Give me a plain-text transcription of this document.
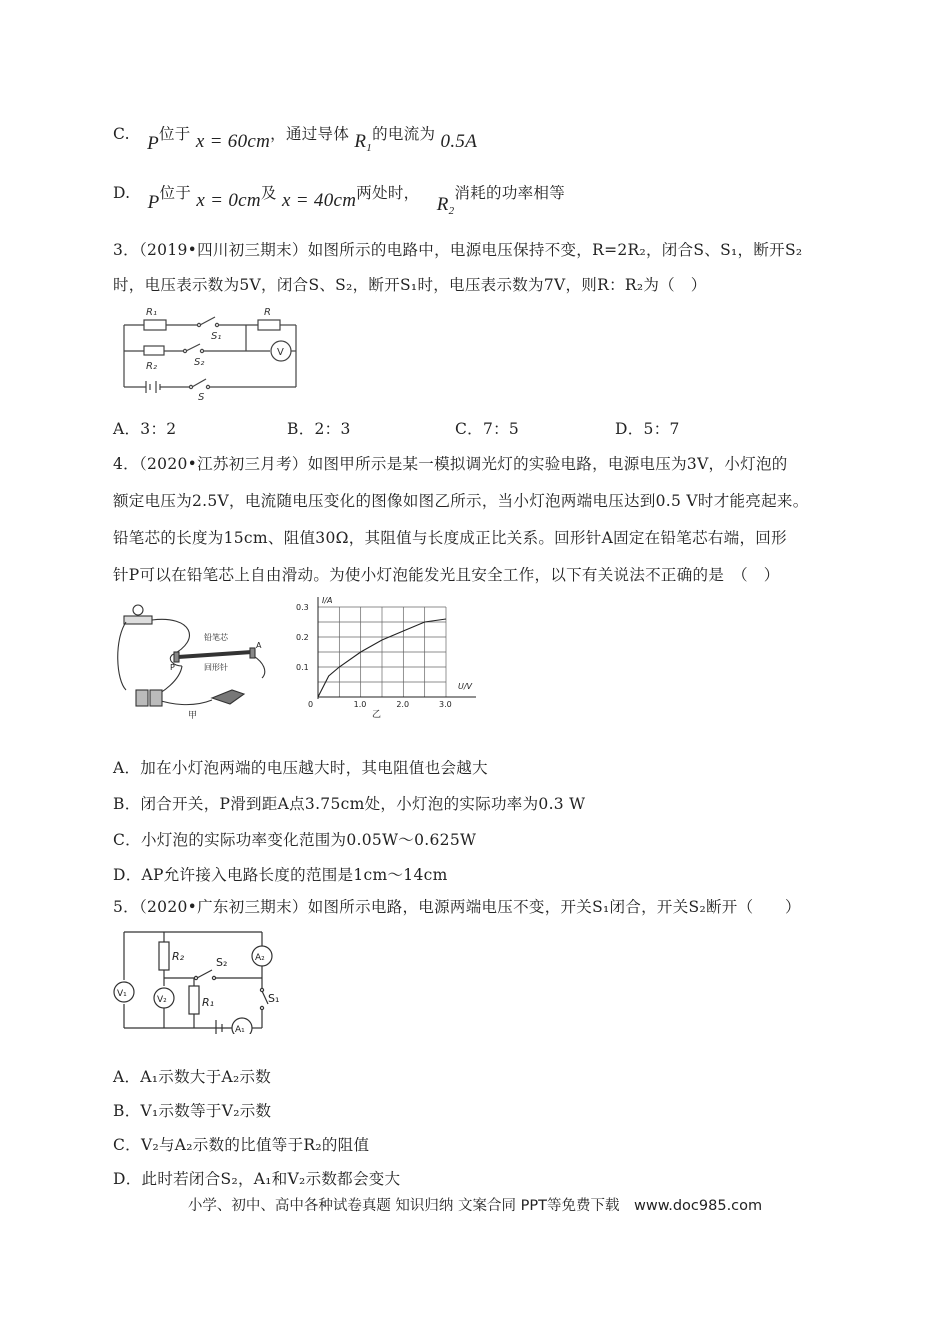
C. P位于 x = 60cm，通过导体 $R_1$的电流为 0.5A
D. P位于 x = 0cm及 x = 40cm两处时， $R_2$消耗的功率相等
3．（2019•四川初三期末）如图所示的电路中，电源电压保持不变，R=2R₂，闭合S、S₁，断开S₂
时，电压表示数为5V，闭合S、S₂，断开S₁时，电压表示数为7V，则R：R₂为（　）
R₁
S₁
R
R₂	S₂
V
S
A．3：2	B．2：3	C．7：5	D．5：7
4．（2020•江苏初三月考）如图甲所示是某一模拟调光灯的实验电路，电源电压为3V，小灯泡的
额定电压为2.5V，电流随电压变化的图像如图乙所示，当小灯泡两端电压达到0.5 V时才能亮起来。
铅笔芯的长度为15cm、阻值30Ω，其阻值与长度成正比关系。回形针A固定在铅笔芯右端，回形
针P可以在铅笔芯上自由滑动。为使小灯泡能发光且安全工作，以下有关说法不正确的是　（　）
铅笔芯
回形针
P
A
甲
0	1.0	2.0	3.0
0.1
0.2
0.3
U/V
I/A
乙
A．加在小灯泡两端的电压越大时，其电阻值也会越大
B．闭合开关，P滑到距A点3.75cm处，小灯泡的实际功率为0.3 W
C．小灯泡的实际功率变化范围为0.05W～0.625W
D．AP允许接入电路长度的范围是1cm～14cm
5．（2020•广东初三期末）如图所示电路，电源两端电压不变，开关S₁闭合，开关S₂断开（　　）
V₁
R₂	A₂
S₂
S₁
V₂	R₁
A₁
A．A₁示数大于A₂示数
B．V₁示数等于V₂示数
C．V₂与A₂示数的比值等于R₂的阻值
D．此时若闭合S₂，A₁和V₂示数都会变大
小学、初中、高中各种试卷真题 知识归纳 文案合同 PPT等免费下载　www.doc985.com
